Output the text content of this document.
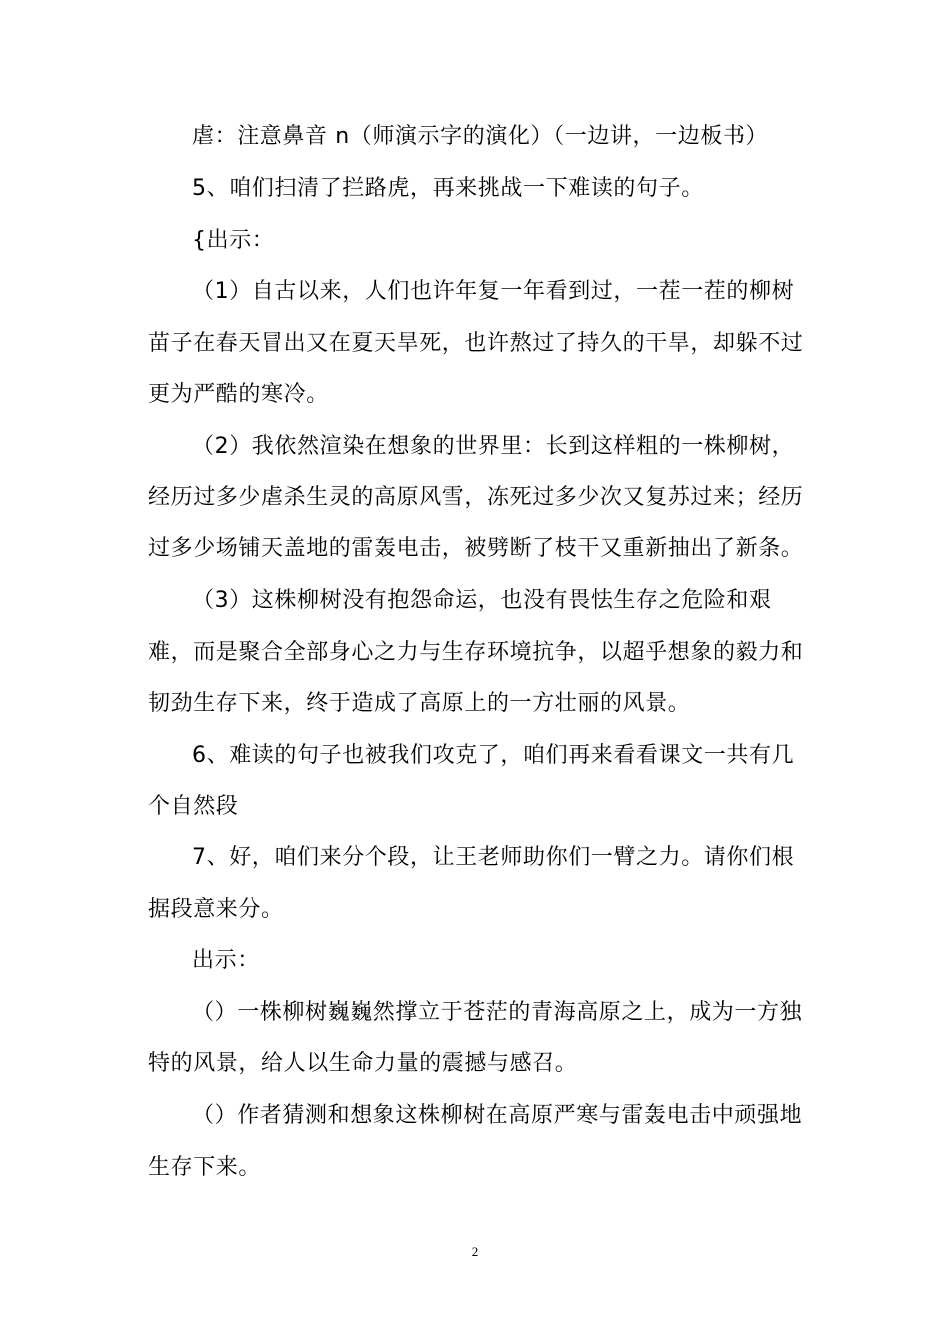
虐：注意鼻音 n（师演示字的演化）（一边讲，一边板书）
5、咱们扫清了拦路虎，再来挑战一下难读的句子。
{出示：
（1）自古以来，人们也许年复一年看到过，一茬一茬的柳树
苗子在春天冒出又在夏天旱死，也许熬过了持久的干旱，却躲不过
更为严酷的寒冷。
（2）我依然渲染在想象的世界里：长到这样粗的一株柳树，
经历过多少虐杀生灵的高原风雪，冻死过多少次又复苏过来；经历
过多少场铺天盖地的雷轰电击，被劈断了枝干又重新抽出了新条。
（3）这株柳树没有抱怨命运，也没有畏怯生存之危险和艰
难，而是聚合全部身心之力与生存环境抗争，以超乎想象的毅力和
韧劲生存下来，终于造成了高原上的一方壮丽的风景。
6、难读的句子也被我们攻克了，咱们再来看看课文一共有几
个自然段
7、好，咱们来分个段，让王老师助你们一臂之力。请你们根
据段意来分。
出示：
（）一株柳树巍巍然撑立于苍茫的青海高原之上，成为一方独
特的风景，给人以生命力量的震撼与感召。
（）作者猜测和想象这株柳树在高原严寒与雷轰电击中顽强地
生存下来。
2
